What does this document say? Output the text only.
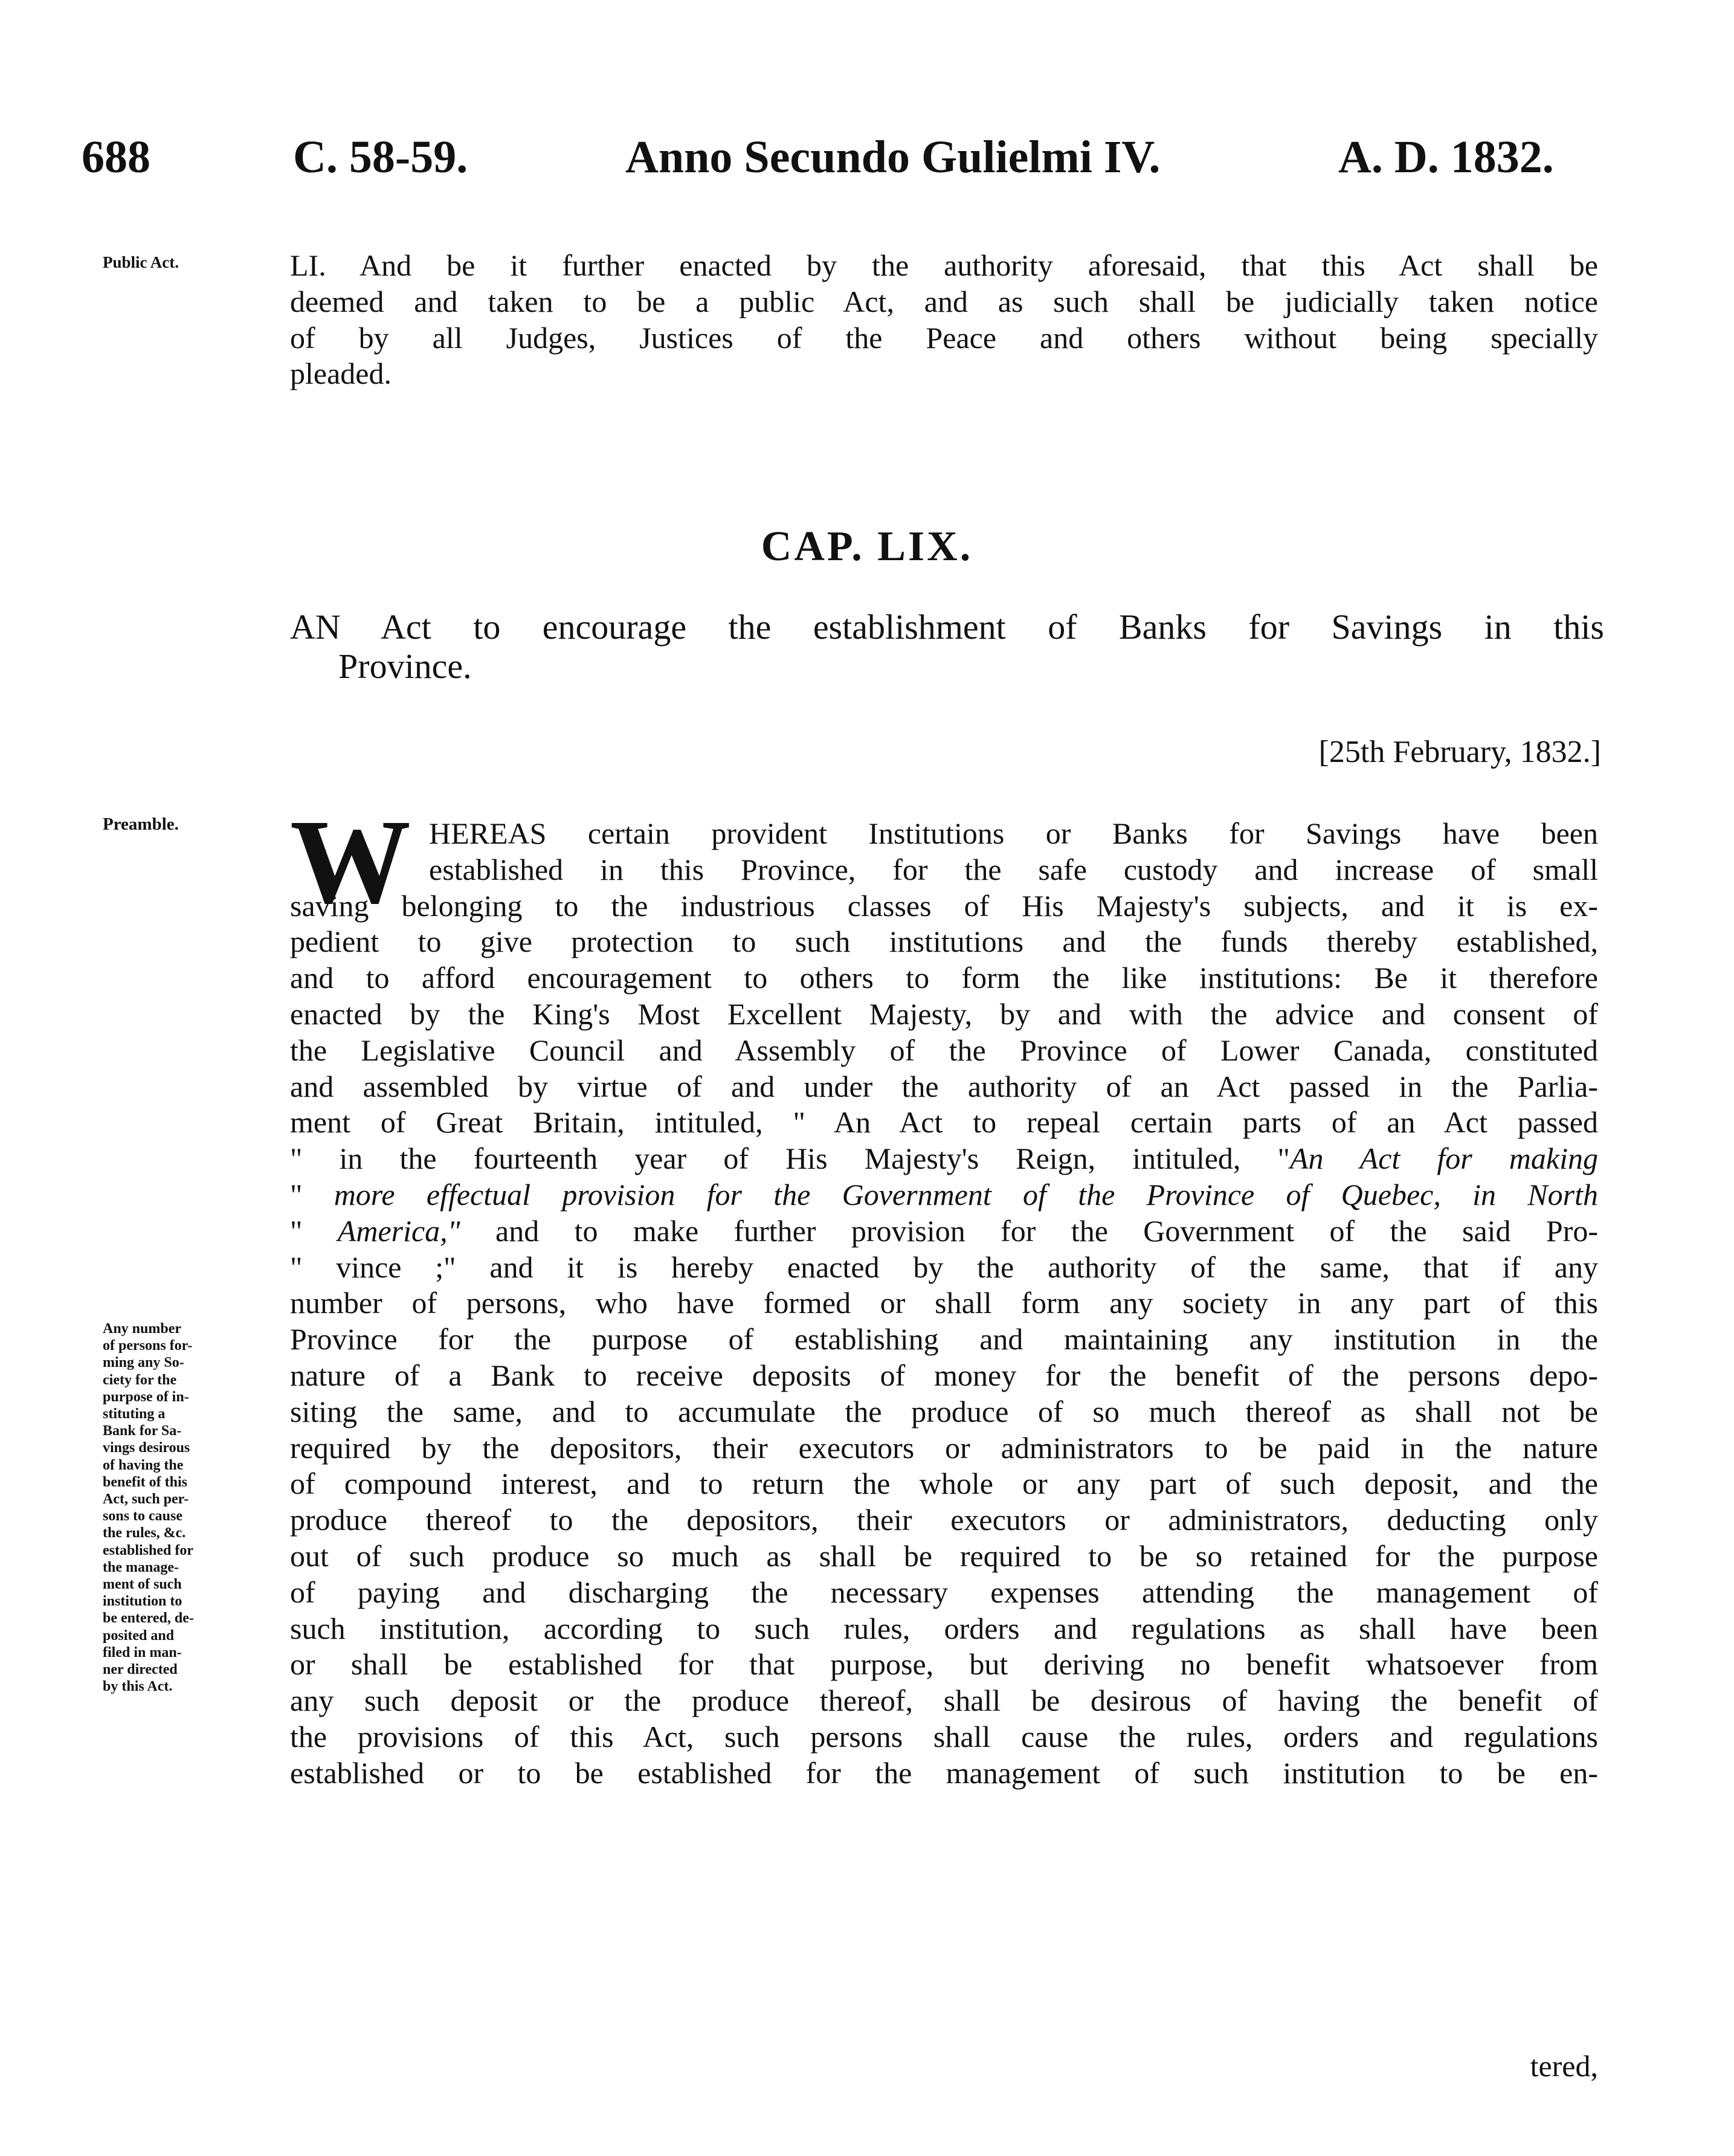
688	C. 58-59.	Anno Secundo Gulielmi IV.	A. D. 1832.
Public Act.	LI. And be it further enacted by the authority aforesaid, that this Act shall be
deemed and taken to be a public Act, and as such shall be judicially taken notice
of by all Judges, Justices of the Peace and others without being specially
pleaded.
CAP. LIX.
AN Act to encourage the establishment of Banks for Savings in this
Province.
[25th February, 1832.]
Preamble. W HEREAS certain provident Institutions or Banks for Savings have been
established in this Province, for the safe custody and increase of small
saving belonging to the industrious classes of His Majesty's subjects, and it is ex-
pedient to give protection to such institutions and the funds thereby established,
and to afford encouragement to others to form the like institutions: Be it therefore
enacted by the King's Most Excellent Majesty, by and with the advice and consent of
the Legislative Council and Assembly of the Province of Lower Canada, constituted
and assembled by virtue of and under the authority of an Act passed in the Parlia-
ment of Great Britain, intituled, " An Act to repeal certain parts of an Act passed
" in the fourteenth year of His Majesty's Reign, intituled, "An Act for making
" more effectual provision for the Government of the Province of Quebec, in North
" America," and to make further provision for the Government of the said Pro-
" vince ;" and it is hereby enacted by the authority of the same, that if any
number of persons, who have formed or shall form any society in any part of this
Province for the purpose of establishing and maintaining any institution in the
nature of a Bank to receive deposits of money for the benefit of the persons depo-
siting the same, and to accumulate the produce of so much thereof as shall not be
required by the depositors, their executors or administrators to be paid in the nature
of compound interest, and to return the whole or any part of such deposit, and the
produce thereof to the depositors, their executors or administrators, deducting only
out of such produce so much as shall be required to be so retained for the purpose
of paying and discharging the necessary expenses attending the management of
such institution, according to such rules, orders and regulations as shall have been
or shall be established for that purpose, but deriving no benefit whatsoever from
any such deposit or the produce thereof, shall be desirous of having the benefit of
the provisions of this Act, such persons shall cause the rules, orders and regulations
established or to be established for the management of such institution to be en-
Any number
of persons for-
ming any So-
ciety for the
purpose of in-
stituting a
Bank for Sa-
vings desirous
of having the
benefit of this
Act, such per-
sons to cause
the rules, &c.
established for
the manage-
ment of such
institution to
be entered, de-
posited and
filed in man-
ner directed
by this Act.
tered,
